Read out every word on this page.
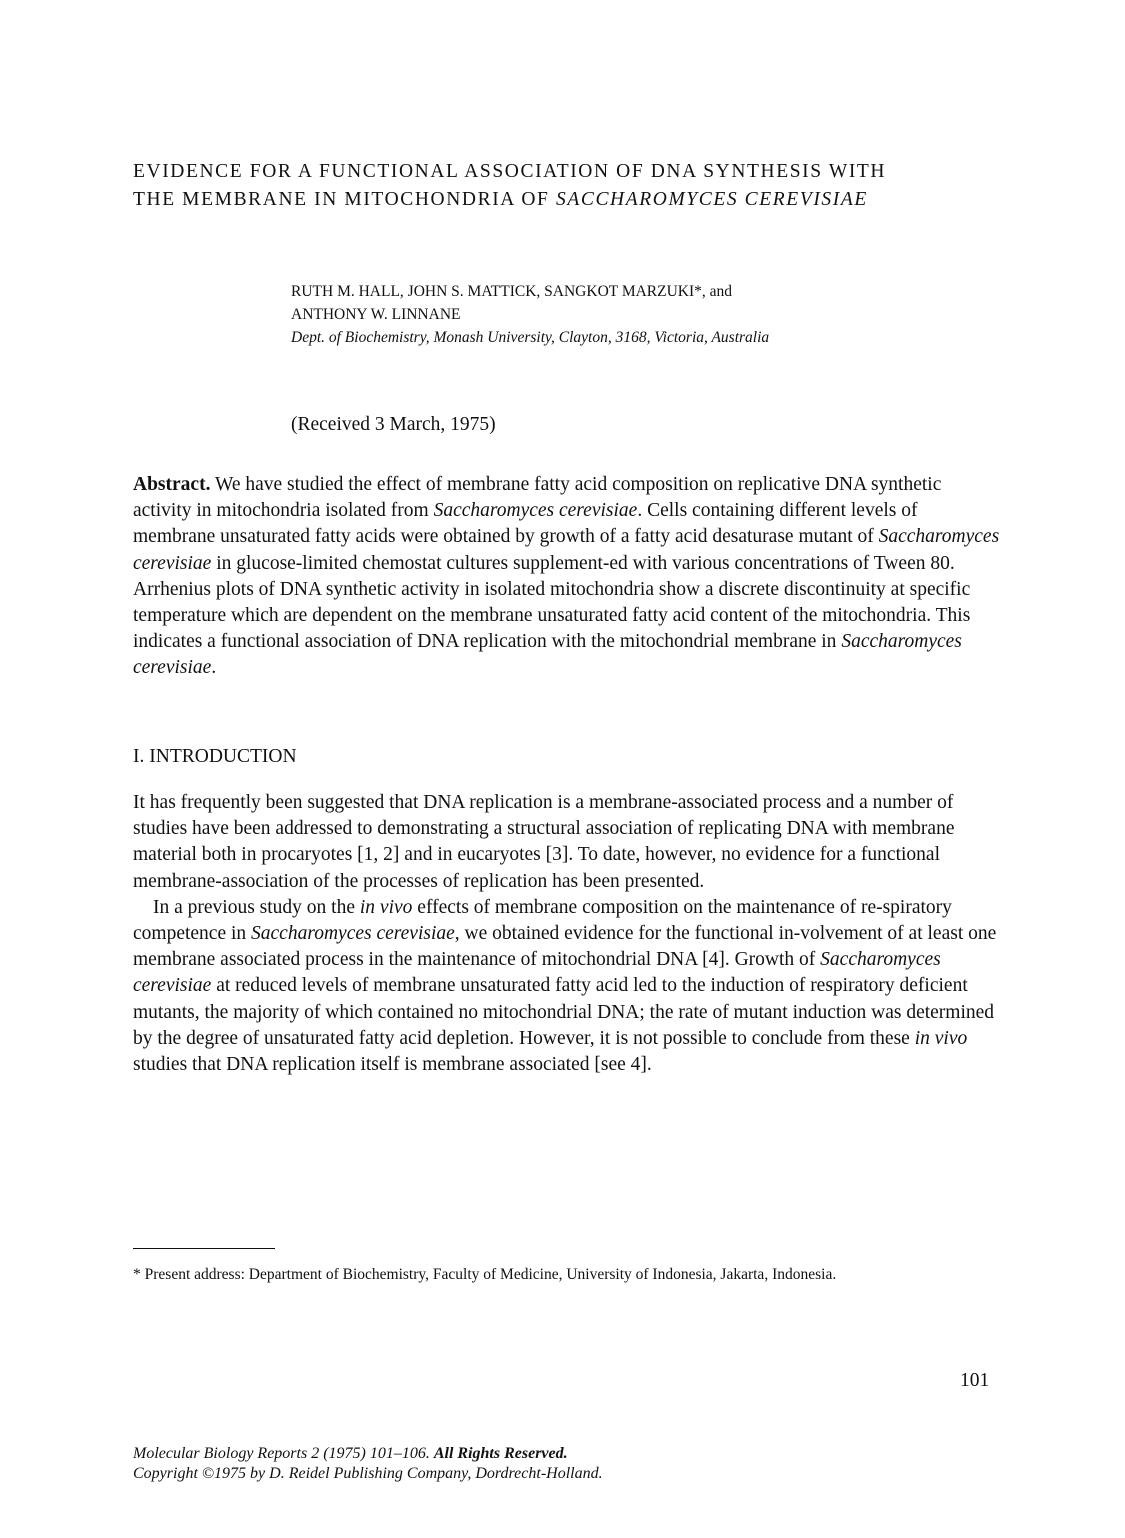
EVIDENCE FOR A FUNCTIONAL ASSOCIATION OF DNA SYNTHESIS WITH
THE MEMBRANE IN MITOCHONDRIA OF SACCHAROMYCES CEREVISIAE
RUTH M. HALL, JOHN S. MATTICK, SANGKOT MARZUKI*, and
ANTHONY W. LINNANE
Dept. of Biochemistry, Monash University, Clayton, 3168, Victoria, Australia
(Received 3 March, 1975)

Abstract. We have studied the effect of membrane fatty acid composition on replicative DNA synthetic activity in mitochondria isolated from Saccharomyces cerevisiae. Cells containing different levels of membrane unsaturated fatty acids were obtained by growth of a fatty acid desaturase mutant of Saccharomyces cerevisiae in glucose-limited chemostat cultures supplement-ed with various concentrations of Tween 80. Arrhenius plots of DNA synthetic activity in isolated mitochondria show a discrete discontinuity at specific temperature which are dependent on the membrane unsaturated fatty acid content of the mitochondria. This indicates a functional association of DNA replication with the mitochondrial membrane in Saccharomyces cerevisiae.

I. INTRODUCTION

It has frequently been suggested that DNA replication is a membrane-associated process and a number of studies have been addressed to demonstrating a structural association of replicating DNA with membrane material both in procaryotes [1, 2] and in eucaryotes [3]. To date, however, no evidence for a functional membrane-association of the processes of replication has been presented.

In a previous study on the in vivo effects of membrane composition on the maintenance of re-spiratory competence in Saccharomyces cerevisiae, we obtained evidence for the functional in-volvement of at least one membrane associated process in the maintenance of mitochondrial DNA [4]. Growth of Saccharomyces cerevisiae at reduced levels of membrane unsaturated fatty acid led to the induction of respiratory deficient mutants, the majority of which contained no mitochondrial DNA; the rate of mutant induction was determined by the degree of unsaturated fatty acid depletion. However, it is not possible to conclude from these in vivo studies that DNA replication itself is membrane associated [see 4].

* Present address: Department of Biochemistry, Faculty of Medicine, University of Indonesia, Jakarta, Indonesia.
101
Molecular Biology Reports 2 (1975) 101–106. All Rights Reserved.
Copyright ©1975 by D. Reidel Publishing Company, Dordrecht-Holland.
